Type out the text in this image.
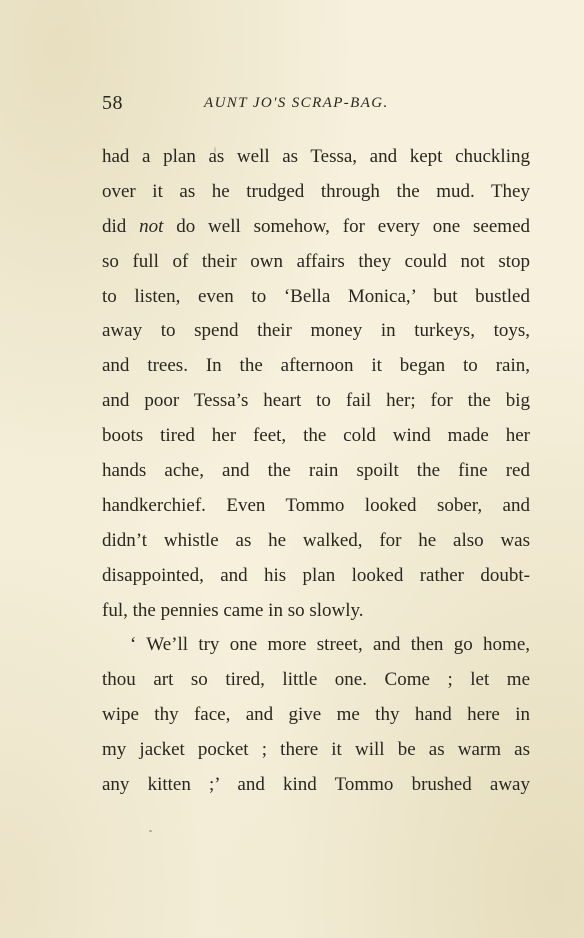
58	AUNT JO'S SCRAP-BAG.
had a plan as well as Tessa, and kept chuckling
over it as he trudged through the mud. They
did not do well somehow, for every one seemed
so full of their own affairs they could not stop
to listen, even to ‘Bella Monica,’ but bustled
away to spend their money in turkeys, toys,
and trees. In the afternoon it began to rain,
and poor Tessa’s heart to fail her; for the big
boots tired her feet, the cold wind made her
hands ache, and the rain spoilt the fine red
handkerchief. Even Tommo looked sober, and
didn’t whistle as he walked, for he also was
disappointed, and his plan looked rather doubt-
ful, the pennies came in so slowly.
‘ We’ll try one more street, and then go home,
thou art so tired, little one. Come ; let me
wipe thy face, and give me thy hand here in
my jacket pocket ; there it will be as warm as
any kitten ;’ and kind Tommo brushed away
